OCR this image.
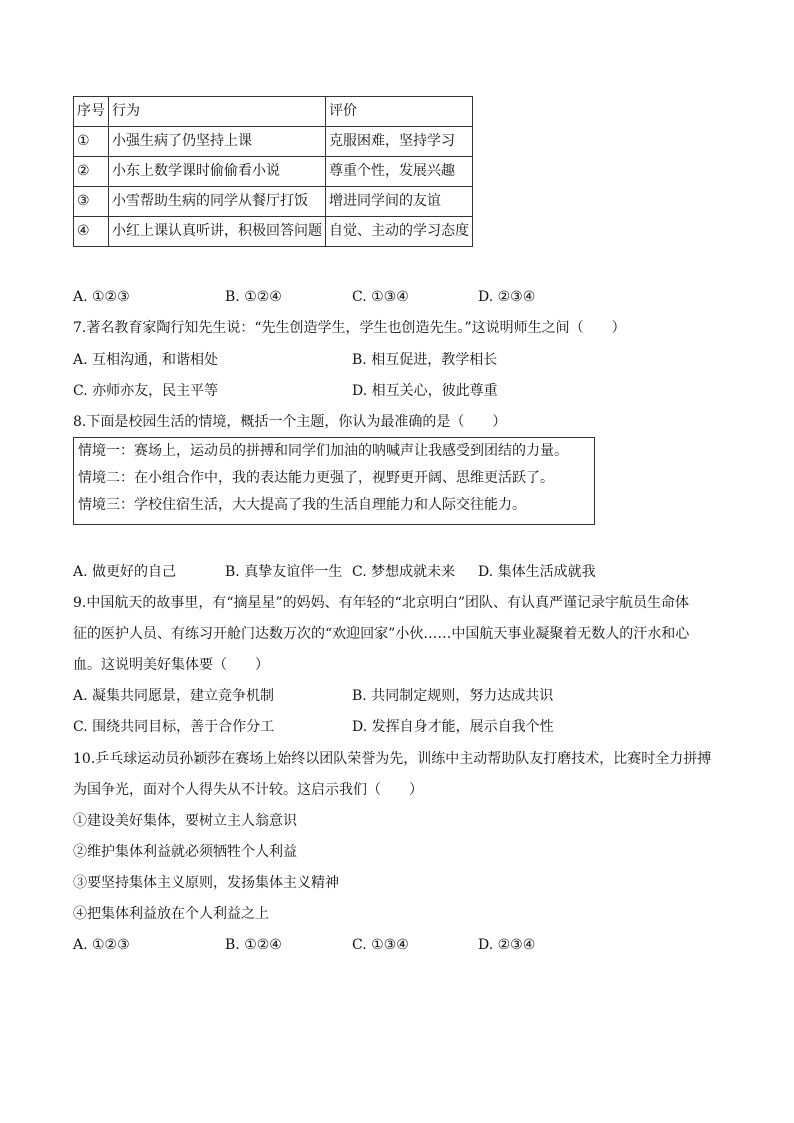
序号	行为	评价
①	小强生病了仍坚持上课	克服困难，坚持学习
②	小东上数学课时偷偷看小说	尊重个性，发展兴趣
③	小雪帮助生病的同学从餐厅打饭	增进同学间的友谊
④	小红上课认真听讲，积极回答问题	自觉、主动的学习态度
A. ①②③	B. ①②④	C. ①③④	D. ②③④
7.著名教育家陶行知先生说：“先生创造学生，学生也创造先生。”这说明师生之间（　　）
A. 互相沟通，和谐相处	B. 相互促进，教学相长
C. 亦师亦友，民主平等	D. 相互关心，彼此尊重
8.下面是校园生活的情境，概括一个主题，你认为最准确的是（　　）
情境一：赛场上，运动员的拼搏和同学们加油的呐喊声让我感受到团结的力量。
情境二：在小组合作中，我的表达能力更强了，视野更开阔、思维更活跃了。
情境三：学校住宿生活，大大提高了我的生活自理能力和人际交往能力。
A. 做更好的自己	B. 真挚友谊伴一生 C. 梦想成就未来 D. 集体生活成就我
9.中国航天的故事里，有“摘星星”的妈妈、有年轻的“北京明白”团队、有认真严谨记录宇航员生命体
征的医护人员、有练习开舱门达数万次的“欢迎回家”小伙……中国航天事业凝聚着无数人的汗水和心
血。这说明美好集体要（　　）
A. 凝集共同愿景，建立竞争机制	B. 共同制定规则，努力达成共识
C. 围绕共同目标，善于合作分工	D. 发挥自身才能，展示自我个性
10.乒乓球运动员孙颖莎在赛场上始终以团队荣誉为先，训练中主动帮助队友打磨技术，比赛时全力拼搏
为国争光，面对个人得失从不计较。这启示我们（　　）
①建设美好集体，要树立主人翁意识
②维护集体利益就必须牺牲个人利益
③要坚持集体主义原则，发扬集体主义精神
④把集体利益放在个人利益之上
A. ①②③	B. ①②④	C. ①③④	D. ②③④
